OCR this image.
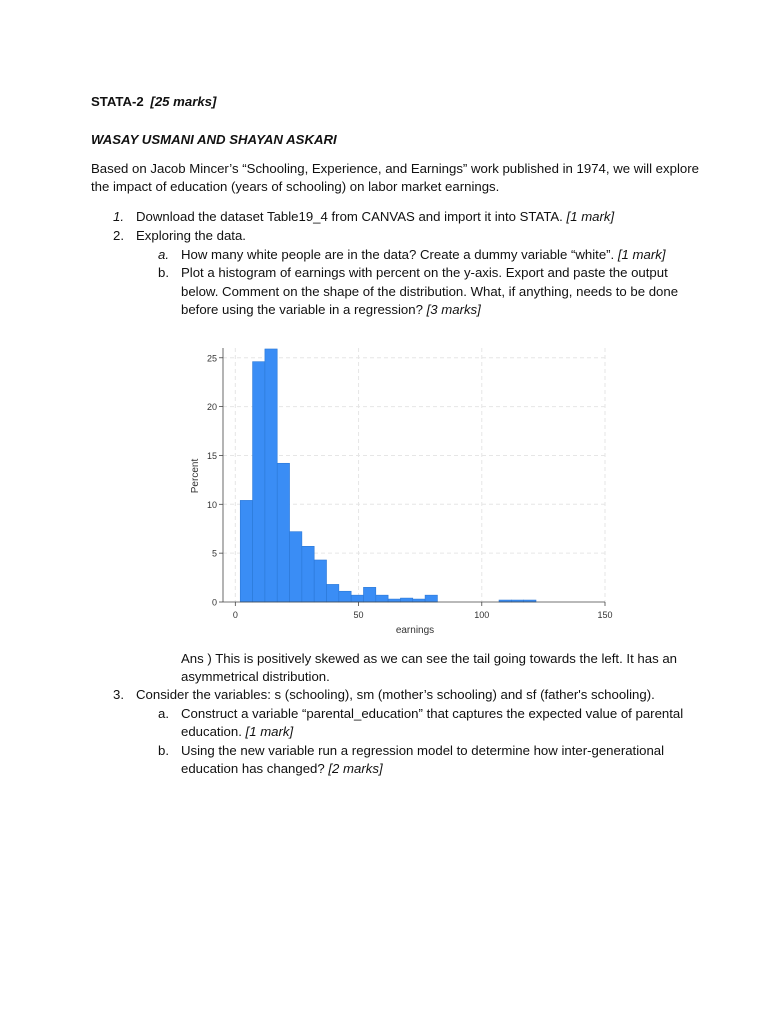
STATA-2 [25 marks]
WASAY USMANI AND SHAYAN ASKARI
Based on Jacob Mincer’s “Schooling, Experience, and Earnings” work published in 1974, we will explore
the impact of education (years of schooling) on labor market earnings.
1. Download the dataset Table19_4 from CANVAS and import it into STATA. [1 mark]
2. Exploring the data.
a. How many white people are in the data? Create a dummy variable “white”. [1 mark]
b. Plot a histogram of earnings with percent on the y-axis. Export and paste the output
below. Comment on the shape of the distribution. What, if anything, needs to be done
before using the variable in a regression? [3 marks]
0
5
10
15
20
25
0	50	100	150
earnings
Percent
Ans ) This is positively skewed as we can see the tail going towards the left. It has an
asymmetrical distribution.
3. Consider the variables: s (schooling), sm (mother’s schooling) and sf (father's schooling).
a. Construct a variable “parental_education” that captures the expected value of parental
education. [1 mark]
b. Using the new variable run a regression model to determine how inter-generational
education has changed? [2 marks]
